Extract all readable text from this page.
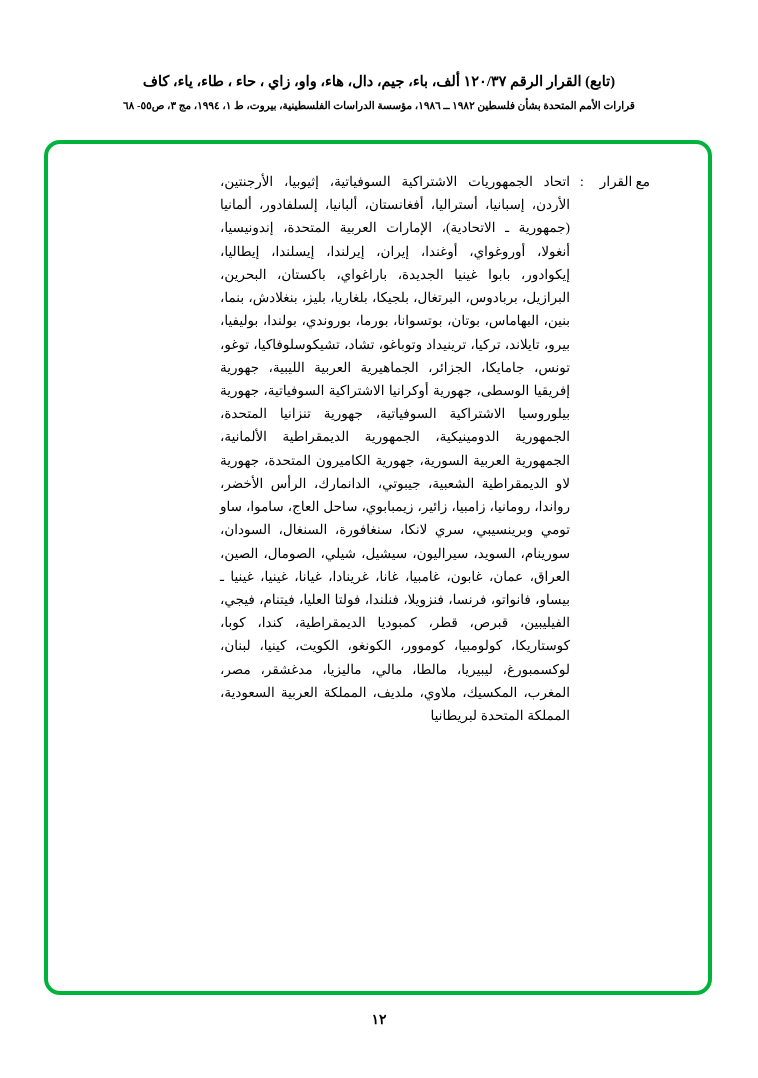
(تابع) القرار الرقم ١٢٠/٣٧ ألف، باء، جيم، دال، هاء، واو، زاي ، حاء ، طاء، ياء، كاف
قرارات الأمم المتحدة بشأن فلسطين ١٩٨٢ ــ ١٩٨٦، مؤسسة الدراسات الفلسطينية، بيروت، ط ١، ١٩٩٤، مج ٣، ص٥٥- ٦٨
مع القرار
:
اتحاد الجمهوريات الاشتراكية السوفياتية، إثيوبيا، الأرجنتين، الأردن، إسبانيا، أستراليا، أفغانستان، ألبانيا، إلسلفادور، ألمانيا (جمهورية ـ الاتحادية)، الإمارات العربية المتحدة، إندونيسيا، أنغولا، أوروغواي، أوغندا، إيران، إيرلندا، إيسلندا، إيطاليا، إيكوادور، بابوا غينيا الجديدة، باراغواي، باكستان، البحرين، البرازيل، بربادوس، البرتغال، بلجيكا، بلغاريا، بليز، بنغلادش، بنما، بنين، البهاماس، بوتان، بوتسوانا، بورما، بوروندي، بولندا، بوليفيا، بيرو، تايلاند، تركيا، ترينيداد وتوباغو، تشاد، تشيكوسلوفاكيا، توغو، تونس، جامايكا، الجزائر، الجماهيرية العربية الليبية، جهورية إفريقيا الوسطى، جهورية أوكرانيا الاشتراكية السوفياتية، جهورية بيلوروسيا الاشتراكية السوفياتية، جهورية تنزانيا المتحدة، الجمهورية الدومينيكية، الجمهورية الديمقراطية الألمانية، الجمهورية العربية السورية، جهورية الكاميرون المتحدة، جهورية لاو الديمقراطية الشعبية، جيبوتي، الدانمارك، الرأس الأخضر، رواندا، رومانيا، زامبيا، زائير، زيمبابوي، ساحل العاج، ساموا، ساو تومي وبرينسيبي، سري لانكا، سنغافورة، السنغال، السودان، سورينام، السويد، سيراليون، سيشيل، شيلي، الصومال، الصين، العراق، عمان، غابون، غامبيا، غانا، غرينادا، غيانا، غينيا، غينيا ـ بيساو، فانواتو، فرنسا، فنزويلا، فنلندا، فولتا العليا، فيتنام، فيجي، الفيليبين، قبرص، قطر، كمبوديا الديمقراطية، كندا، كوبا، كوستاريكا، كولومبيا، كوموور، الكونغو، الكويت، كينيا، لبنان، لوكسمبورغ، ليبيريا، مالطا، مالي، ماليزيا، مدغشقر، مصر، المغرب، المكسيك، ملاوي، ملديف، المملكة العربية السعودية، المملكة المتحدة لبريطانيا
١٢
